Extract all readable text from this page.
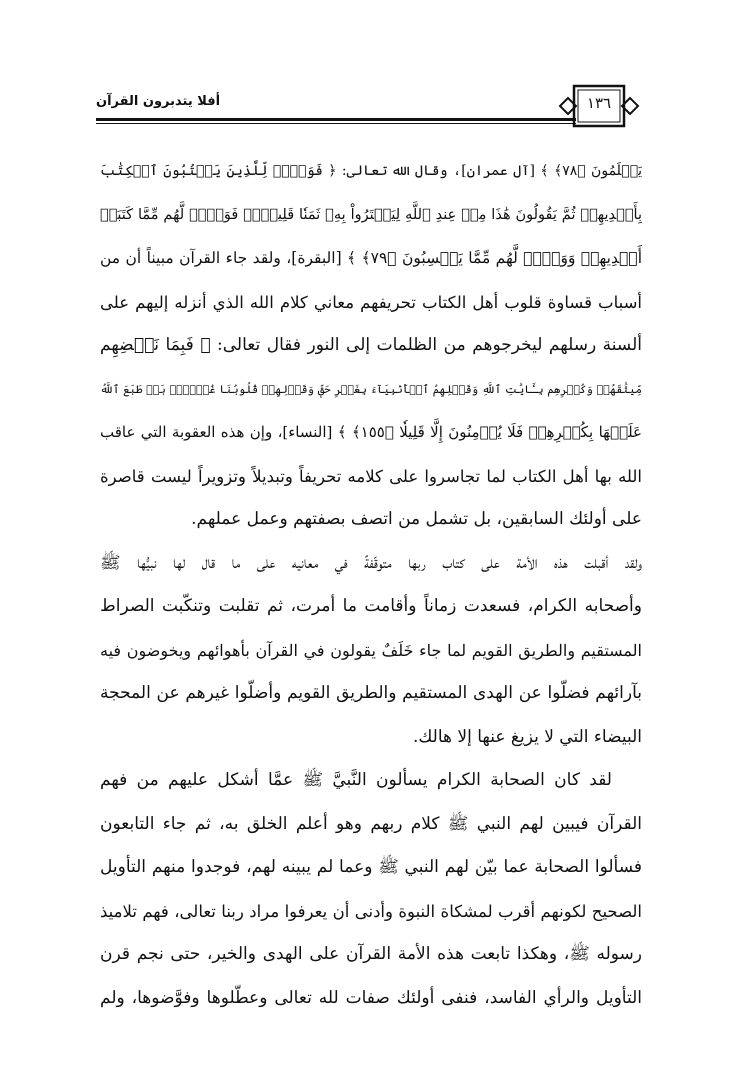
أفلا يتدبرون القرآن	١٣٦
يَعۡلَمُونَ ﴿٧٨﴾ ﴾ [آل عمران]، وقال الله تعالى: ﴿ فَوَيۡلٞ لِّلَّذِينَ يَكۡتُبُونَ ٱلۡكِتَٰبَ
بِأَيۡدِيهِمۡ ثُمَّ يَقُولُونَ هَٰذَا مِنۡ عِندِ ٱللَّهِ لِيَشۡتَرُواْ بِهِۦ ثَمَنٗا قَلِيلٗاۖ فَوَيۡلٞ لَّهُم مِّمَّا كَتَبَتۡ
أَيۡدِيهِمۡ وَوَيۡلٞ لَّهُم مِّمَّا يَكۡسِبُونَ ﴿٧٩﴾ ﴾ [البقرة]، ولقد جاء القرآن مبيناً أن من
أسباب قساوة قلوب أهل الكتاب تحريفهم معاني كلام الله الذي أنزله إليهم على
ألسنة رسلهم ليخرجوهم من الظلمات إلى النور فقال تعالى: ﴿ فَبِمَا نَقۡضِهِم
مِّيثَٰقَهُمۡ وَكُفۡرِهِم بِـَٔايَٰتِ ٱللَّهِ وَقَتۡلِهِمُ ٱلۡأَنۢبِيَآءَ بِغَيۡرِ حَقّٖ وَقَوۡلِهِمۡ قُلُوبُنَا غُلۡفُۢۚ بَلۡ طَبَعَ ٱللَّهُ
عَلَيۡهَا بِكُفۡرِهِمۡ فَلَا يُؤۡمِنُونَ إِلَّا قَلِيلٗا ﴿١٥٥﴾ ﴾ [النساء]، وإن هذه العقوبة التي عاقب
الله بها أهل الكتاب لما تجاسروا على كلامه تحريفاً وتبديلاً وتزويراً ليست قاصرة
على أولئك السابقين، بل تشمل من اتصف بصفتهم وعمل عملهم.
ولقد أقبلت هذه الأمة على كتاب ربها متوقّفةً في معانيه على ما قال لها نبيُّها ﷺ
وأصحابه الكرام، فسعدت زماناً وأقامت ما أمرت، ثم تقلبت وتنكّبت الصراط
المستقيم والطريق القويم لما جاء خَلَفٌ يقولون في القرآن بأهوائهم ويخوضون فيه
بآرائهم فضلّوا عن الهدى المستقيم والطريق القويم وأضلّوا غيرهم عن المحجة
البيضاء التي لا يزيغ عنها إلا هالك.
لقد كان الصحابة الكرام يسألون النَّبيَّ ﷺ عمَّا أشكل عليهم من فهم
القرآن فيبين لهم النبي ﷺ كلام ربهم وهو أعلم الخلق به، ثم جاء التابعون
فسألوا الصحابة عما بيّن لهم النبي ﷺ وعما لم يبينه لهم، فوجدوا منهم التأويل
الصحيح لكونهم أقرب لمشكاة النبوة وأدنى أن يعرفوا مراد ربنا تعالى، فهم تلاميذ
رسوله ﷺ، وهكذا تابعت هذه الأمة القرآن على الهدى والخير، حتى نجم قرن
التأويل والرأي الفاسد، فنفى أولئك صفات لله تعالى وعطّلوها وفوَّضوها، ولم
